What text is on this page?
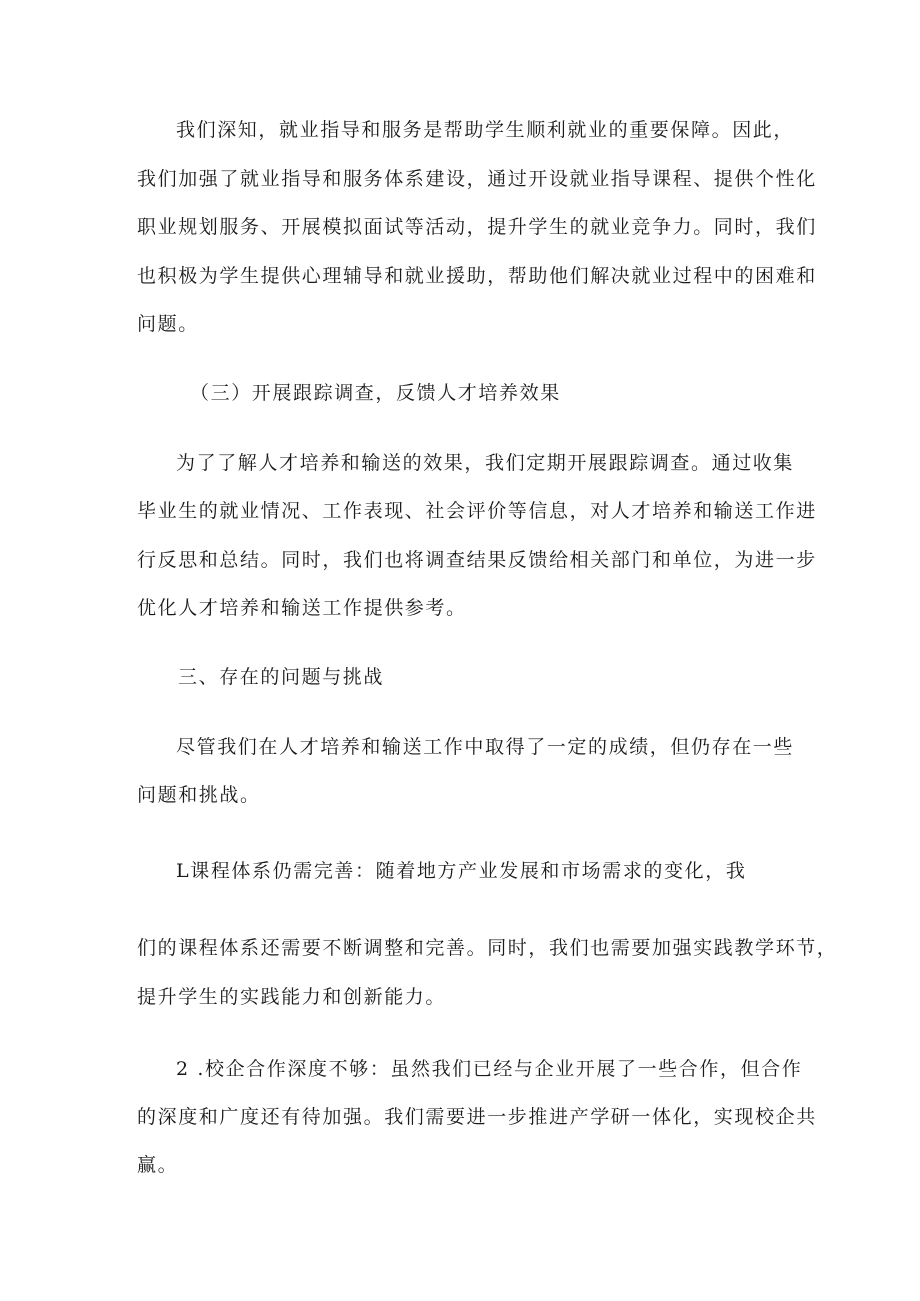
我们深知，就业指导和服务是帮助学生顺利就业的重要保障。因此，
我们加强了就业指导和服务体系建设，通过开设就业指导课程、提供个性化
职业规划服务、开展模拟面试等活动，提升学生的就业竞争力。同时，我们
也积极为学生提供心理辅导和就业援助，帮助他们解决就业过程中的困难和
问题。
（三）开展跟踪调查，反馈人才培养效果
为了了解人才培养和输送的效果，我们定期开展跟踪调查。通过收集
毕业生的就业情况、工作表现、社会评价等信息，对人才培养和输送工作进
行反思和总结。同时，我们也将调查结果反馈给相关部门和单位，为进一步
优化人才培养和输送工作提供参考。
三、存在的问题与挑战
尽管我们在人才培养和输送工作中取得了一定的成绩，但仍存在一些
问题和挑战。
L课程体系仍需完善：随着地方产业发展和市场需求的变化，我
们的课程体系还需要不断调整和完善。同时，我们也需要加强实践教学环节，
提升学生的实践能力和创新能力。
2 .校企合作深度不够：虽然我们已经与企业开展了一些合作，但合作
的深度和广度还有待加强。我们需要进一步推进产学研一体化，实现校企共
赢。
